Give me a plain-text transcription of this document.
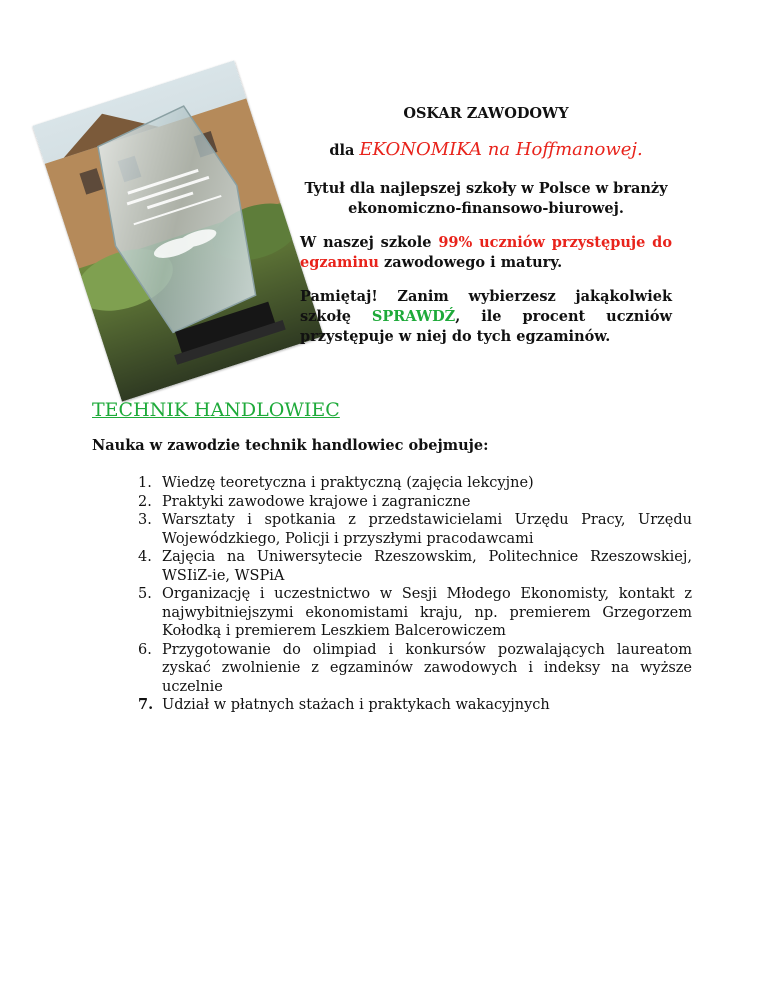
OSKAR ZAWODOWY

dla EKONOMIKA na Hoffmanowej.

Tytuł dla najlepszej szkoły w Polsce w branży ekonomiczno-finansowo-biurowej.

W naszej szkole 99% uczniów przystępuje do egzaminu zawodowego i matury.

Pamiętaj! Zanim wybierzesz jakąkolwiek szkołę SPRAWDŹ, ile procent uczniów przystępuje w niej do tych egzaminów.

TECHNIK HANDLOWIEC

Nauka w zawodzie technik handlowiec obejmuje:

1. Wiedzę teoretyczna i praktyczną (zajęcia lekcyjne)
2. Praktyki zawodowe krajowe i zagraniczne
3. Warsztaty i spotkania z przedstawicielami Urzędu Pracy, Urzędu Wojewódzkiego, Policji i przyszłymi pracodawcami
4. Zajęcia na Uniwersytecie Rzeszowskim, Politechnice Rzeszowskiej, WSIiZ-ie, WSPiA
5. Organizację i uczestnictwo w Sesji Młodego Ekonomisty, kontakt z najwybitniejszymi ekonomistami kraju, np. premierem Grzegorzem Kołodką i premierem Leszkiem Balcerowiczem
6. Przygotowanie do olimpiad i konkursów pozwalających laureatom zyskać zwolnienie z egzaminów zawodowych i indeksy na wyższe uczelnie
7. Udział w płatnych stażach i praktykach wakacyjnych
